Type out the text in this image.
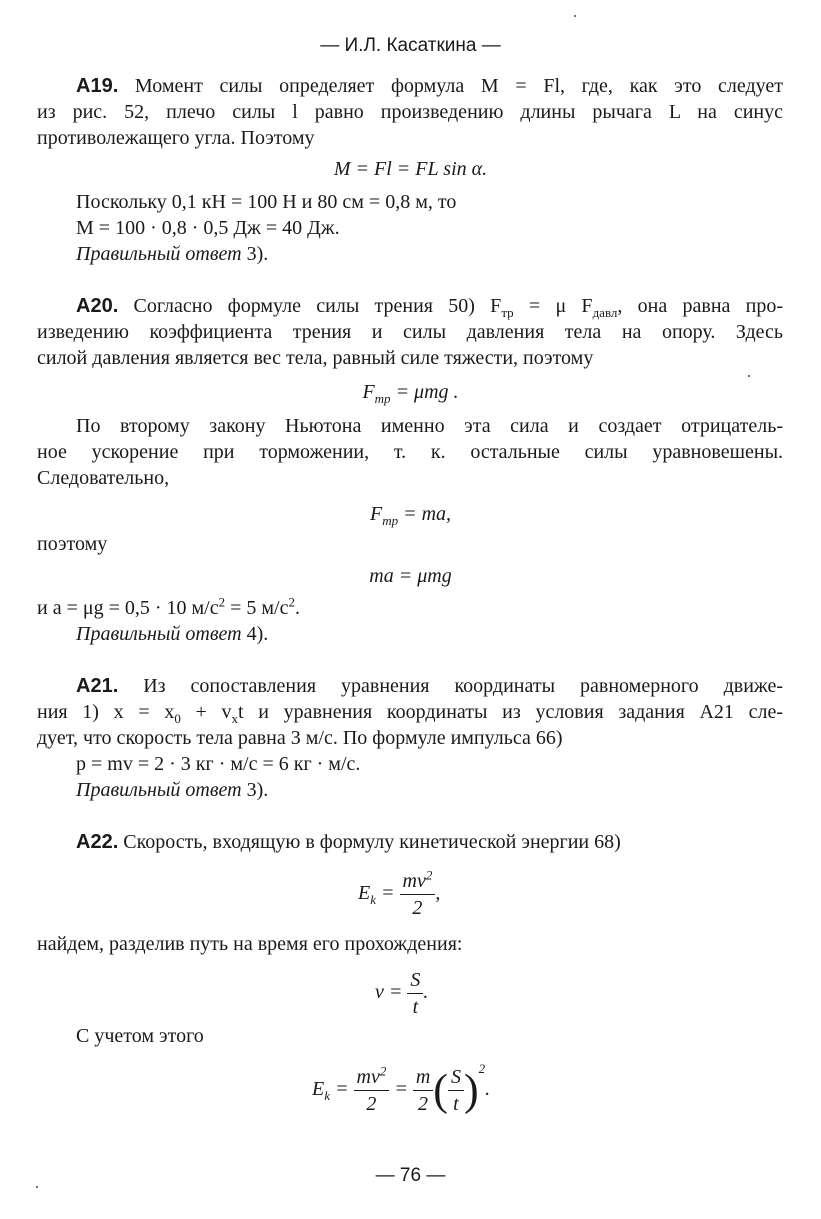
— И.Л. Касаткина —
А19. Момент силы определяет формула M = Fl, где, как это следует
из рис. 52, плечо силы l равно произведению длины рычага L на синус
противолежащего угла. Поэтому
M = Fl = FL sin α.
Поскольку 0,1 кН = 100 Н и 80 см = 0,8 м, то
M = 100 · 0,8 · 0,5 Дж = 40 Дж.
Правильный ответ 3).
А20. Согласно формуле силы трения 50) $F_{тр} = \mu$ $F_{давл}$, она равна про-
изведению коэффициента трения и силы давления тела на опору. Здесь
силой давления является вес тела, равный силе тяжести, поэтому
$F_{тр} = \mu mg$ .
По второму закону Ньютона именно эта сила и создает отрицатель-
ное ускорение при торможении, т. к. остальные силы уравновешены.
Следовательно,
$F_{тр}$ = ma,
поэтому
ma = μmg
и a = μg = 0,5 · 10 $м/с^2 = 5$ $м/с^2$.
Правильный ответ 4).
А21. Из сопоставления уравнения координаты равномерного движе-
ния 1) $x = x_0 + v_xt$ и уравнения координаты из условия задания А21 сле-
дует, что скорость тела равна 3 м/с. По формуле импульса 66)
p = mv = 2 · 3 кг · м/с = 6 кг · м/с.
Правильный ответ 3).
А22. Скорость, входящую в формулу кинетической энергии 68)
$E_k = \frac{mv^2}{2}$ ,
найдем, разделив путь на время его прохождения:
$v = \frac{S}{t}$ .
С учетом этого
$E_k = \frac{mv^2}{2} = \frac{m}{2}$ ( $\frac{S}{t} )^2$.
— 76 —
